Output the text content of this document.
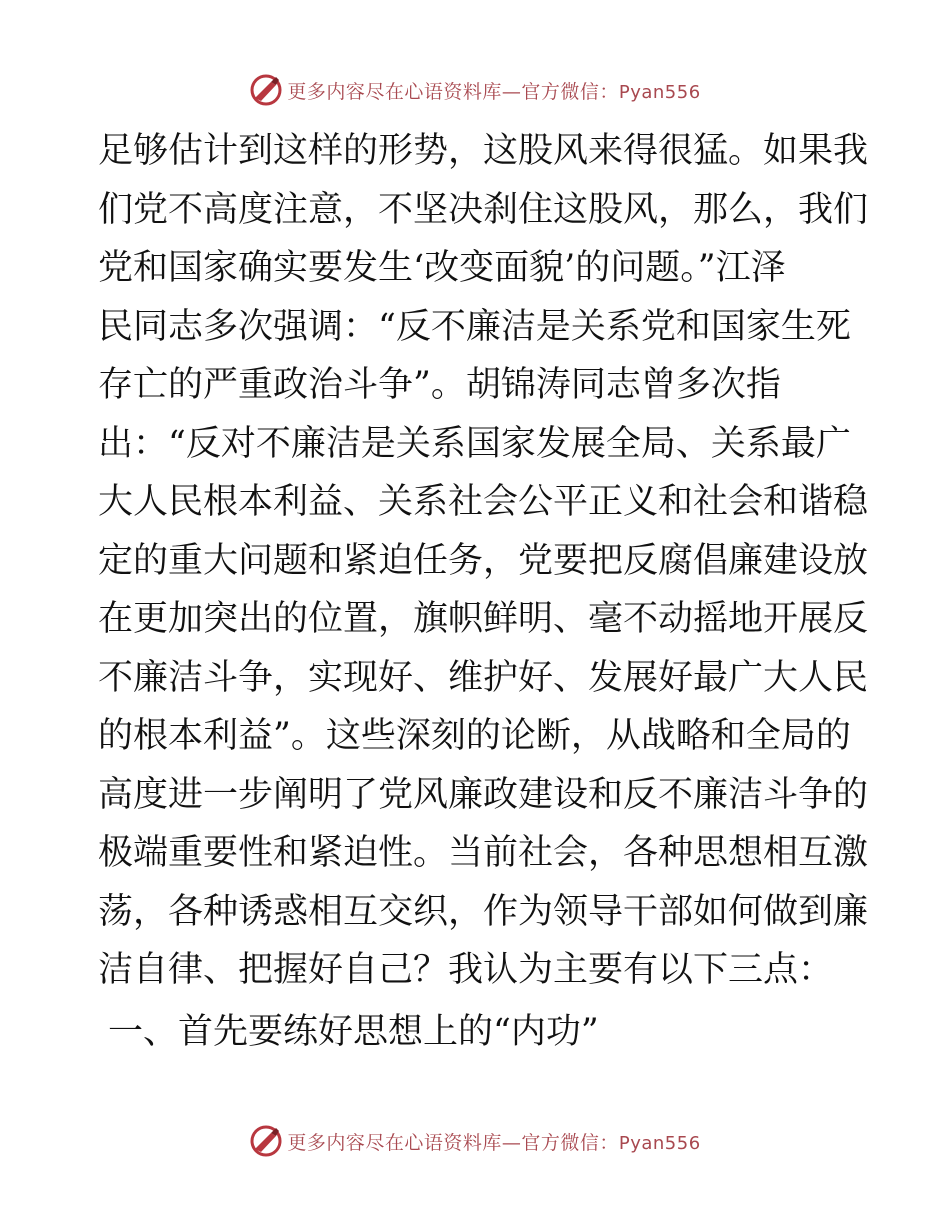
更多内容尽在心语资料库—官方微信：Pyan556
足够估计到这样的形势，这股风来得很猛。如果我
们党不高度注意，不坚决刹住这股风，那么，我们
党和国家确实要发生‘改变面貌’的问题。”江泽
民同志多次强调：“反不廉洁是关系党和国家生死
存亡的严重政治斗争”。胡锦涛同志曾多次指
出：“反对不廉洁是关系国家发展全局、关系最广
大人民根本利益、关系社会公平正义和社会和谐稳
定的重大问题和紧迫任务，党要把反腐倡廉建设放
在更加突出的位置，旗帜鲜明、毫不动摇地开展反
不廉洁斗争，实现好、维护好、发展好最广大人民
的根本利益”。这些深刻的论断，从战略和全局的
高度进一步阐明了党风廉政建设和反不廉洁斗争的
极端重要性和紧迫性。当前社会，各种思想相互激
荡，各种诱惑相互交织，作为领导干部如何做到廉
洁自律、把握好自己？我认为主要有以下三点：
一、首先要练好思想上的“内功”
更多内容尽在心语资料库—官方微信：Pyan556
